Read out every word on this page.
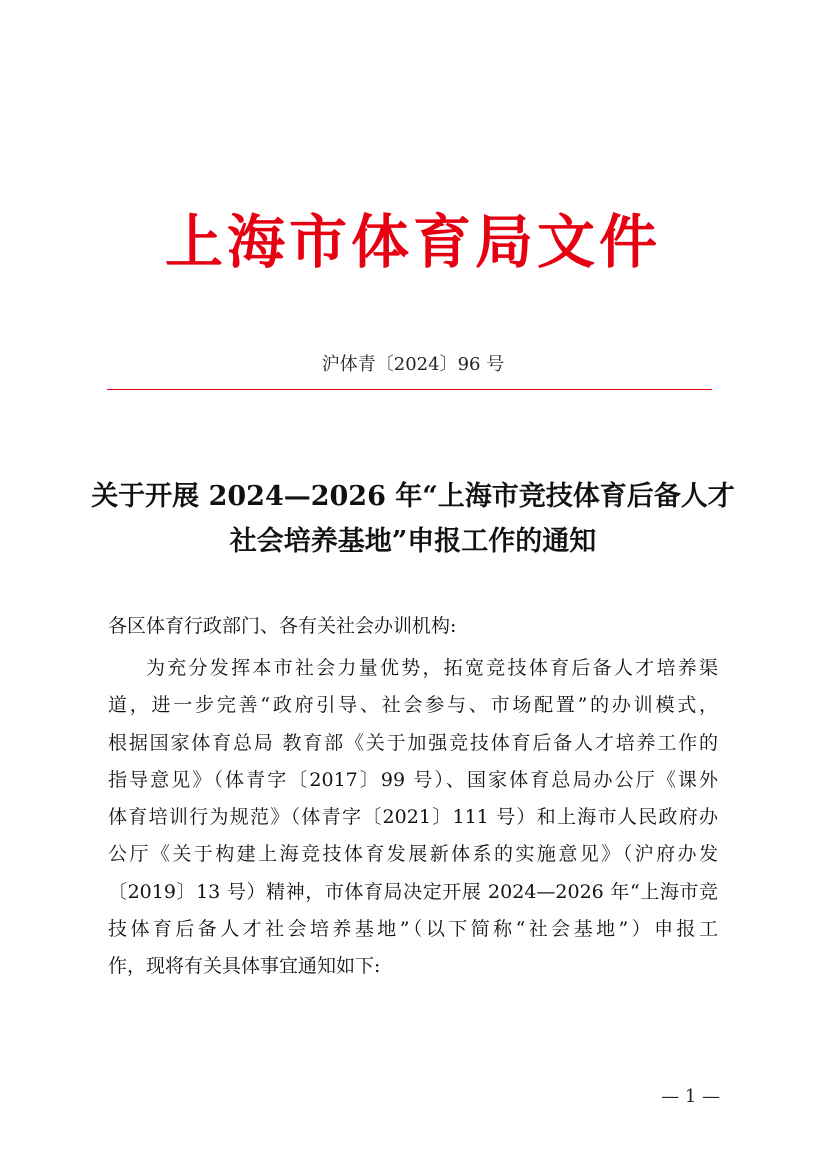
上海市体育局文件
沪体青〔2024〕96 号
关于开展 2024—2026 年“上海市竞技体育后备人才
社会培养基地”申报工作的通知
各区体育行政部门、各有关社会办训机构:
为充分发挥本市社会力量优势，拓宽竞技体育后备人才培养渠
道，进一步完善“政府引导、社会参与、市场配置”的办训模式，
根据国家体育总局 教育部《关于加强竞技体育后备人才培养工作的
指导意见》（体青字〔2017〕99 号）、国家体育总局办公厅《课外
体育培训行为规范》（体青字〔2021〕111 号）和上海市人民政府办
公厅《关于构建上海竞技体育发展新体系的实施意见》（沪府办发
〔2019〕13 号）精神，市体育局决定开展 2024—2026 年“上海市竞
技体育后备人才社会培养基地”（以下简称“社会基地”）申报工
作，现将有关具体事宜通知如下:
— 1 —
